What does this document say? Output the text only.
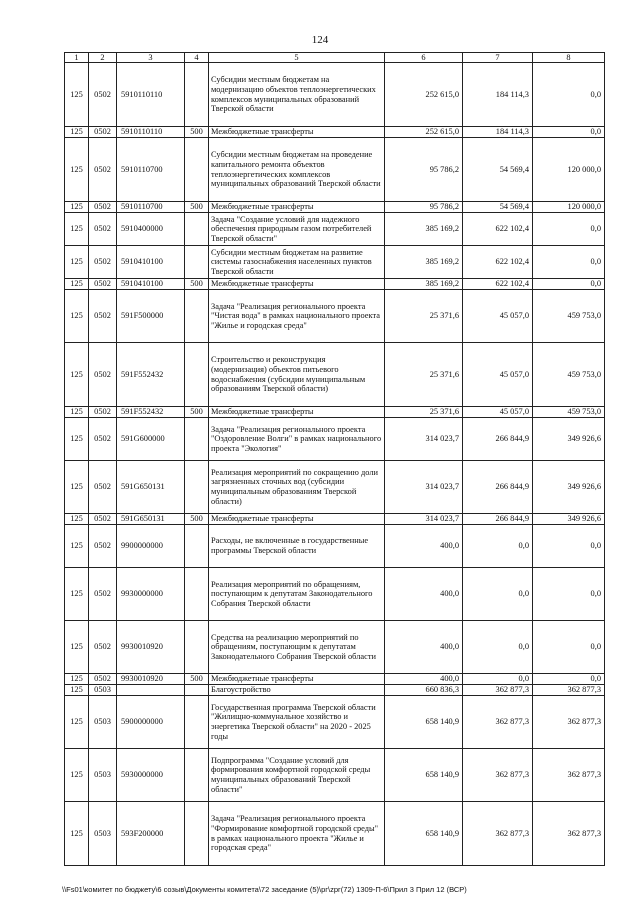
124
1	2	3	4	5	6	7	8
125	0502	5910110110		Субсидии местным бюджетам на модернизацию объектов теплоэнергетических комплексов муниципальных образований Тверской области	252 615,0	184 114,3	0,0
125	0502	5910110110	500	Межбюджетные трансферты	252 615,0	184 114,3	0,0
125	0502	5910110700		Субсидии местным бюджетам на проведение капитального ремонта объектов теплоэнергетических комплексов муниципальных образований Тверской области	95 786,2	54 569,4	120 000,0
125	0502	5910110700	500	Межбюджетные трансферты	95 786,2	54 569,4	120 000,0
125	0502	5910400000		Задача "Создание условий для надежного обеспечения природным газом потребителей Тверской области"	385 169,2	622 102,4	0,0
125	0502	5910410100		Субсидии местным бюджетам на развитие системы газоснабжения населенных пунктов Тверской области	385 169,2	622 102,4	0,0
125	0502	5910410100	500	Межбюджетные трансферты	385 169,2	622 102,4	0,0
125	0502	591F500000		Задача "Реализация регионального проекта "Чистая вода" в рамках национального проекта "Жилье и городская среда"	25 371,6	45 057,0	459 753,0
125	0502	591F552432		Строительство и реконструкция (модернизация) объектов питьевого водоснабжения (субсидии муниципальным образованиям Тверской области)	25 371,6	45 057,0	459 753,0
125	0502	591F552432	500	Межбюджетные трансферты	25 371,6	45 057,0	459 753,0
125	0502	591G600000		Задача "Реализация регионального проекта "Оздоровление Волги" в рамках национального проекта "Экология"	314 023,7	266 844,9	349 926,6
125	0502	591G650131		Реализация мероприятий по сокращению доли загрязненных сточных вод (субсидии муниципальным образованиям Тверской области)	314 023,7	266 844,9	349 926,6
125	0502	591G650131	500	Межбюджетные трансферты	314 023,7	266 844,9	349 926,6
125	0502	9900000000		Расходы, не включенные в государственные программы Тверской области	400,0	0,0	0,0
125	0502	9930000000		Реализация мероприятий по обращениям, поступающим к депутатам Законодательного Собрания Тверской области	400,0	0,0	0,0
125	0502	9930010920		Средства на реализацию мероприятий по обращениям, поступающим к депутатам Законодательного Собрания Тверской области	400,0	0,0	0,0
125	0502	9930010920	500	Межбюджетные трансферты	400,0	0,0	0,0
125	0503			Благоустройство	660 836,3	362 877,3	362 877,3
125	0503	5900000000		Государственная программа Тверской области "Жилищно-коммунальное хозяйство и энергетика Тверской области" на 2020 - 2025 годы	658 140,9	362 877,3	362 877,3
125	0503	5930000000		Подпрограмма "Создание условий для формирования комфортной городской среды муниципальных образований Тверской области"	658 140,9	362 877,3	362 877,3
125	0503	593F200000		Задача "Реализация регионального проекта "Формирование комфортной городской среды" в рамках национального проекта "Жилье и городская среда"	658 140,9	362 877,3	362 877,3
\\Fs01\комитет по бюджету\6 созыв\Документы комитета\72 заседание (5)\рг\zрг(72) 1309-П-6\Прил 3 Прил 12 (ВСР)
